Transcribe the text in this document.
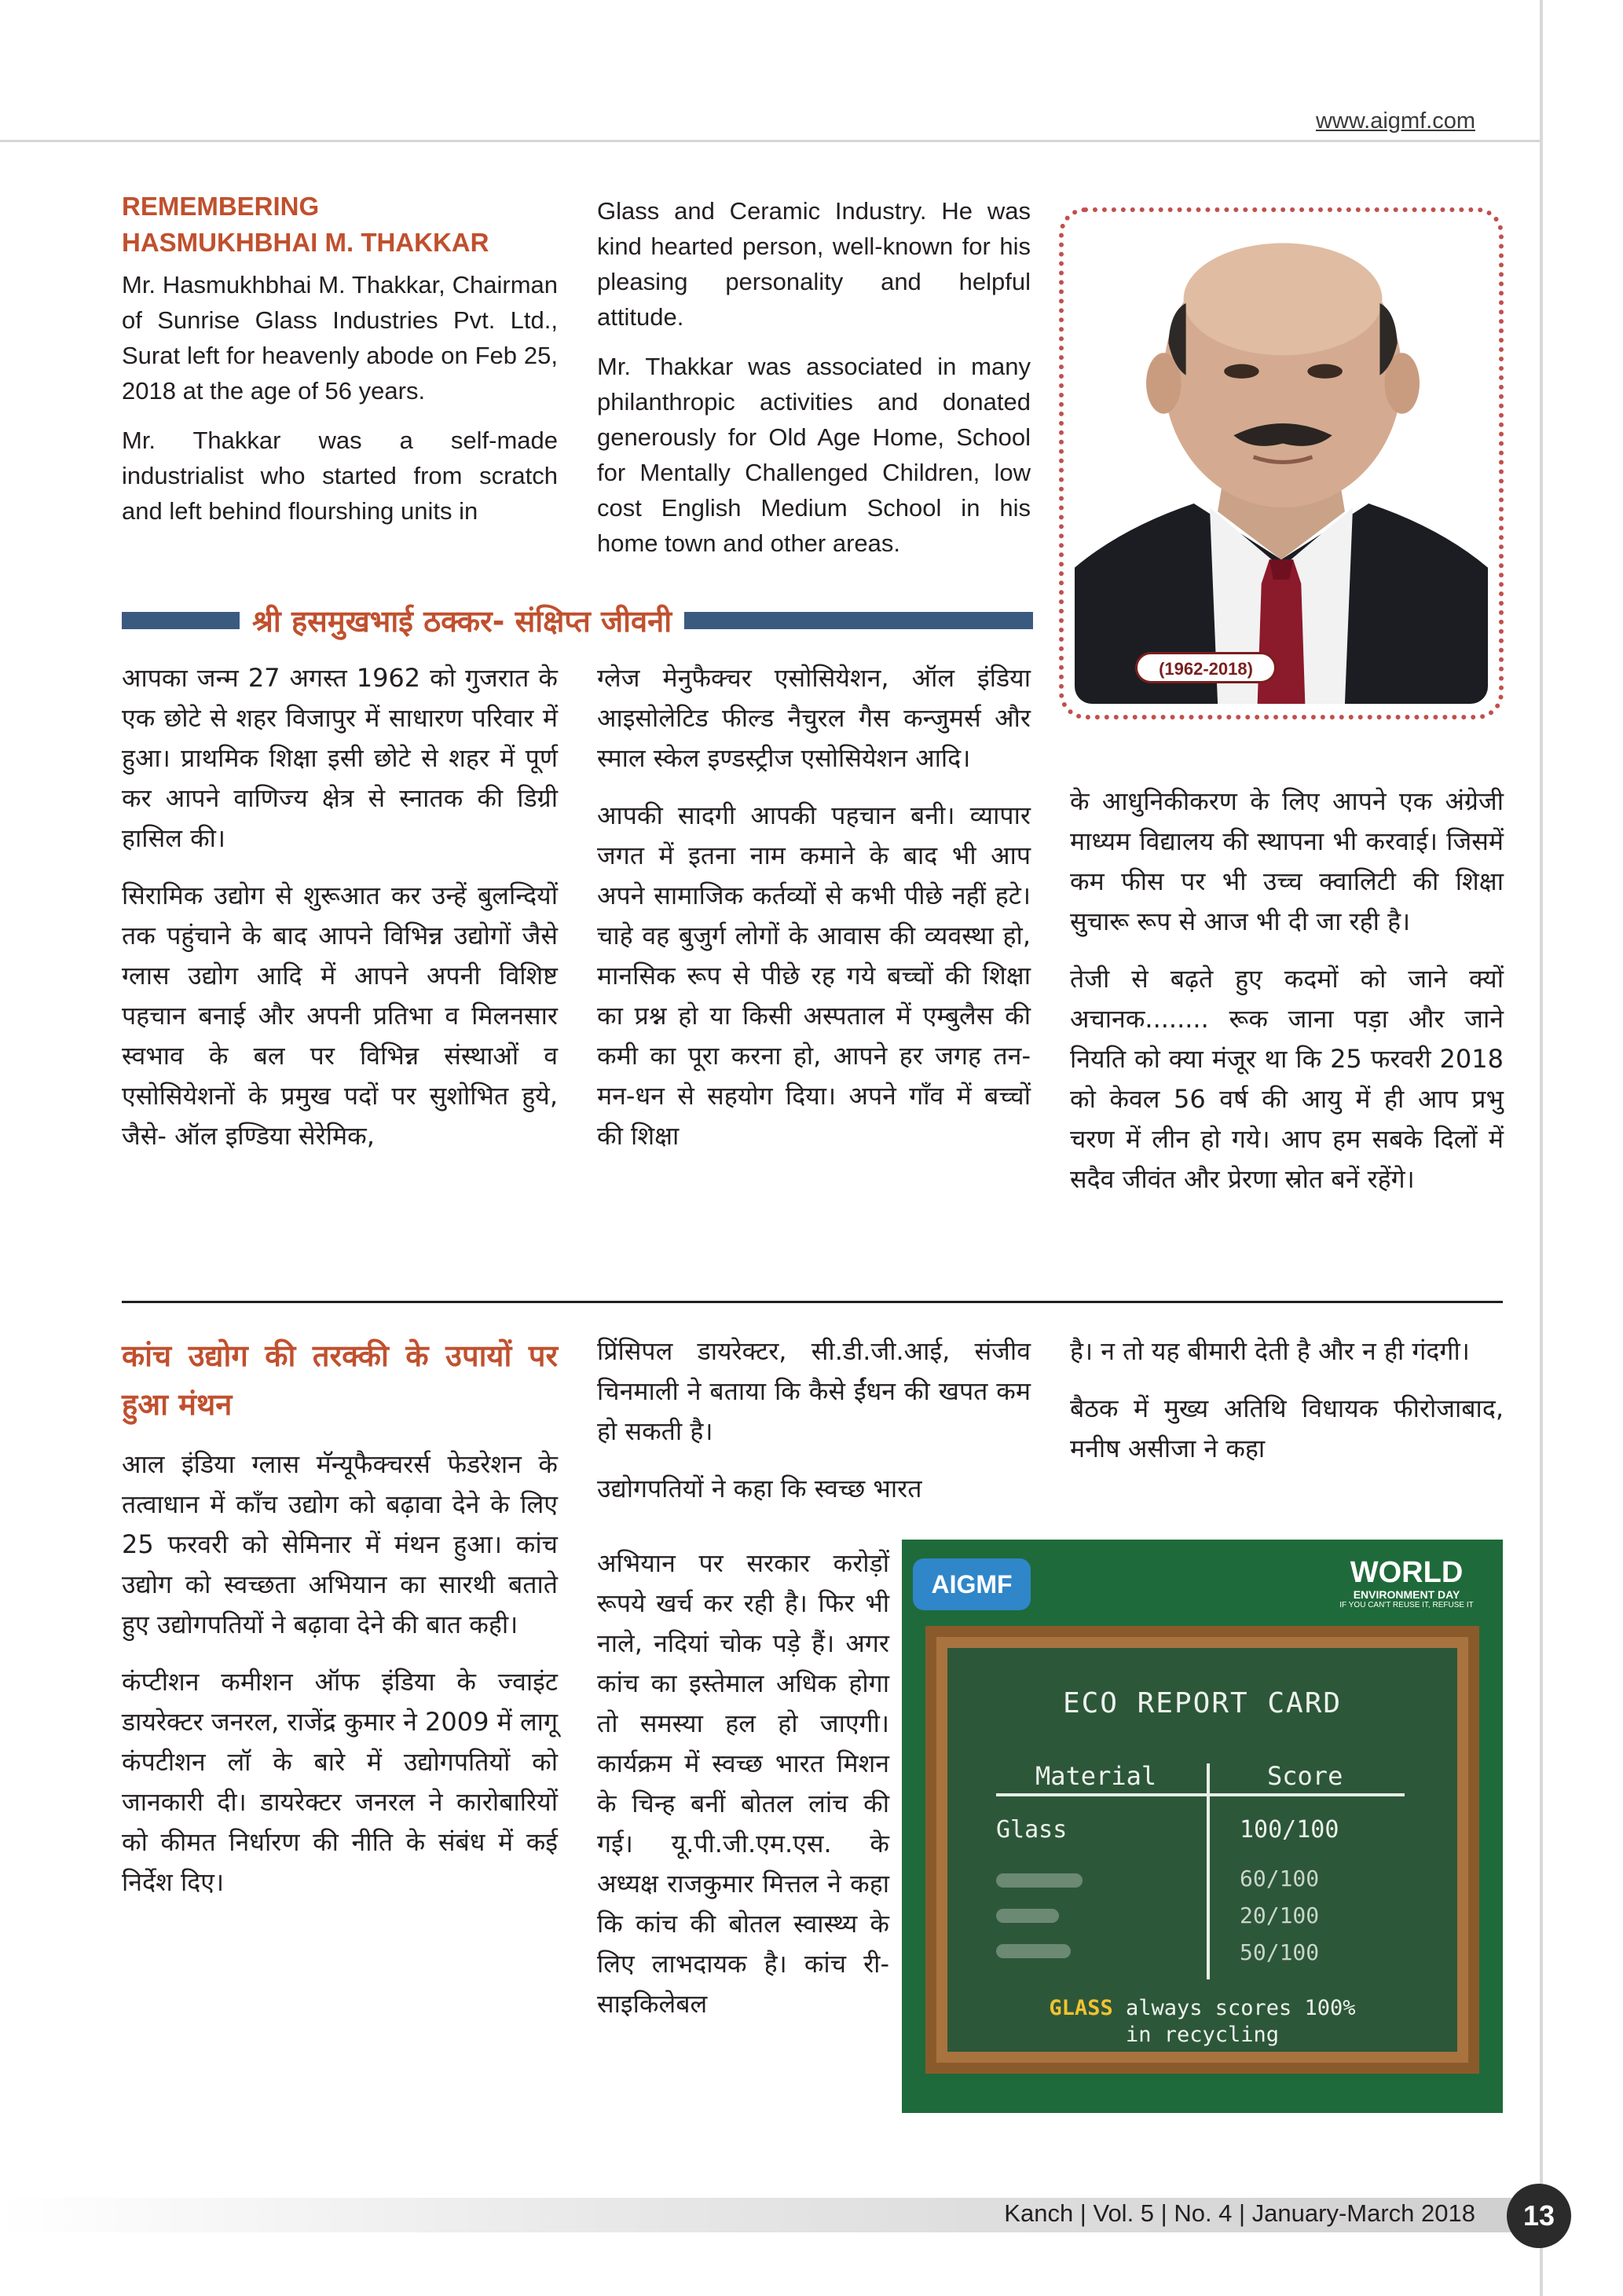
www.aigmf.com
REMEMBERING
HASMUKHBHAI M. THAKKAR

Mr. Hasmukhbhai M. Thakkar, Chairman of Sunrise Glass Industries Pvt. Ltd., Surat left for heavenly abode on Feb 25, 2018 at the age of 56 years.

Mr. Thakkar was a self-made industrialist who started from scratch and left behind flourshing units in

Glass and Ceramic Industry. He was kind hearted person, well-known for his pleasing personality and helpful attitude.

Mr. Thakkar was associated in many philanthropic activities and donated generously for Old Age Home, School for Mentally Challenged Children, low cost English Medium School in his home town and other areas.

(1962-2018)
श्री हसमुखभाई ठक्कर- संक्षिप्त जीवनी

आपका जन्म 27 अगस्त 1962 को गुजरात के एक छोटे से शहर विजापुर में साधारण परिवार में हुआ। प्राथमिक शिक्षा इसी छोटे से शहर में पूर्ण कर आपने वाणिज्य क्षेत्र से स्नातक की डिग्री हासिल की।

सिरामिक उद्योग से शुरूआत कर उन्हें बुलन्दियों तक पहुंचाने के बाद आपने विभिन्न उद्योगों जैसे ग्लास उद्योग आदि में आपने अपनी विशिष्ट पहचान बनाई और अपनी प्रतिभा व मिलनसार स्वभाव के बल पर विभिन्न संस्थाओं व एसोसियेशनों के प्रमुख पदों पर सुशोभित हुये, जैसे- ऑल इण्डिया सेरेमिक,

ग्लेज मेनुफैक्चर एसोसियेशन, ऑल इंडिया आइसोलेटिड फील्ड नैचुरल गैस कन्जुमर्स और स्माल स्केल इण्डस्ट्रीज एसोसियेशन आदि।

आपकी सादगी आपकी पहचान बनी। व्यापार जगत में इतना नाम कमाने के बाद भी आप अपने सामाजिक कर्तव्यों से कभी पीछे नहीं हटे। चाहे वह बुजुर्ग लोगों के आवास की व्यवस्था हो, मानसिक रूप से पीछे रह गये बच्चों की शिक्षा का प्रश्न हो या किसी अस्पताल में एम्बुलैस की कमी का पूरा करना हो, आपने हर जगह तन-मन-धन से सहयोग दिया। अपने गाँव में बच्चों की शिक्षा

के आधुनिकीकरण के लिए आपने एक अंग्रेजी माध्यम विद्यालय की स्थापना भी करवाई। जिसमें कम फीस पर भी उच्च क्वालिटी की शिक्षा सुचारू रूप से आज भी दी जा रही है।

तेजी से बढ़ते हुए कदमों को जाने क्यों अचानक........ रूक जाना पड़ा और जाने नियति को क्या मंजूर था कि 25 फरवरी 2018 को केवल 56 वर्ष की आयु में ही आप प्रभु चरण में लीन हो गये। आप हम सबके दिलों में सदैव जीवंत और प्रेरणा स्रोत बनें रहेंगे।

कांच उद्योग की तरक्की के उपायों पर हुआ मंथन

आल इंडिया ग्लास मॅन्यूफैक्चरर्स फेडरेशन के तत्वाधान में काँच उद्योग को बढ़ावा देने के लिए 25 फरवरी को सेमिनार में मंथन हुआ। कांच उद्योग को स्वच्छता अभियान का सारथी बताते हुए उद्योगपतियों ने बढ़ावा देने की बात कही।

कंप्टीशन कमीशन ऑफ इंडिया के ज्वाइंट डायरेक्टर जनरल, राजेंद्र कुमार ने 2009 में लागू कंपटीशन लॉ के बारे में उद्योगपतियों को जानकारी दी। डायरेक्टर जनरल ने कारोबारियों को कीमत निर्धारण की नीति के संबंध में कई निर्देश दिए।

प्रिंसिपल डायरेक्टर, सी.डी.जी.आई, संजीव चिनमाली ने बताया कि कैसे ईंधन की खपत कम हो सकती है।

उद्योगपतियों ने कहा कि स्वच्छ भारत

अभियान पर सरकार करोड़ों रूपये खर्च कर रही है। फिर भी नाले, नदियां चोक पड़े हैं। अगर कांच का इस्तेमाल अधिक होगा तो समस्या हल हो जाएगी। कार्यक्रम में स्वच्छ भारत मिशन के चिन्ह बनीं बोतल लांच की गई। यू.पी.जी.एम.एस. के अध्यक्ष राजकुमार मित्तल ने कहा कि कांच की बोतल स्वास्थ्य के लिए लाभदायक है। कांच री-साइकिलेबल

है। न तो यह बीमारी देती है और न ही गंदगी।

बैठक में मुख्य अतिथि विधायक फीरोजाबाद, मनीष असीजा ने कहा

AIGMF	WORLD
ENVIRONMENT DAY
IF YOU CAN'T REUSE IT, REFUSE IT
ECO REPORT CARD
Material	Score
Glass	100/100
60/100
20/100
50/100
GLASS always scores 100%
in recycling
Kanch | Vol. 5 | No. 4 | January-March 2018	13
